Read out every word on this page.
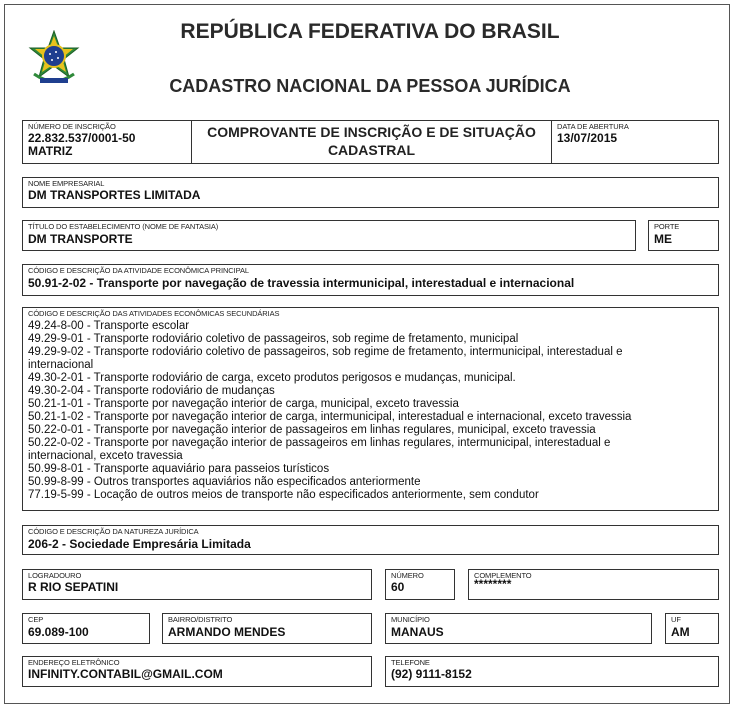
REPÚBLICA FEDERATIVA DO BRASIL
CADASTRO NACIONAL DA PESSOA JURÍDICA
NÚMERO DE INSCRIÇÃO
22.832.537/0001-50
MATRIZ
COMPROVANTE DE INSCRIÇÃO E DE SITUAÇÃO
CADASTRAL
DATA DE ABERTURA
13/07/2015
NOME EMPRESARIAL
DM TRANSPORTES LIMITADA
TÍTULO DO ESTABELECIMENTO (NOME DE FANTASIA)
DM TRANSPORTE
PORTE
ME
CÓDIGO E DESCRIÇÃO DA ATIVIDADE ECONÔMICA PRINCIPAL
50.91-2-02 - Transporte por navegação de travessia intermunicipal, interestadual e internacional
CÓDIGO E DESCRIÇÃO DAS ATIVIDADES ECONÔMICAS SECUNDÁRIAS
49.24-8-00 - Transporte escolar
49.29-9-01 - Transporte rodoviário coletivo de passageiros, sob regime de fretamento, municipal
49.29-9-02 - Transporte rodoviário coletivo de passageiros, sob regime de fretamento, intermunicipal, interestadual e
internacional
49.30-2-01 - Transporte rodoviário de carga, exceto produtos perigosos e mudanças, municipal.
49.30-2-04 - Transporte rodoviário de mudanças
50.21-1-01 - Transporte por navegação interior de carga, municipal, exceto travessia
50.21-1-02 - Transporte por navegação interior de carga, intermunicipal, interestadual e internacional, exceto travessia
50.22-0-01 - Transporte por navegação interior de passageiros em linhas regulares, municipal, exceto travessia
50.22-0-02 - Transporte por navegação interior de passageiros em linhas regulares, intermunicipal, interestadual e
internacional, exceto travessia
50.99-8-01 - Transporte aquaviário para passeios turísticos
50.99-8-99 - Outros transportes aquaviários não especificados anteriormente
77.19-5-99 - Locação de outros meios de transporte não especificados anteriormente, sem condutor
CÓDIGO E DESCRIÇÃO DA NATUREZA JURÍDICA
206-2 - Sociedade Empresária Limitada
LOGRADOURO
R RIO SEPATINI
NÚMERO
60
COMPLEMENTO
********
CEP
69.089-100
BAIRRO/DISTRITO
ARMANDO MENDES
MUNICÍPIO
MANAUS
UF
AM
ENDEREÇO ELETRÔNICO
INFINITY.CONTABIL@GMAIL.COM
TELEFONE
(92) 9111-8152
